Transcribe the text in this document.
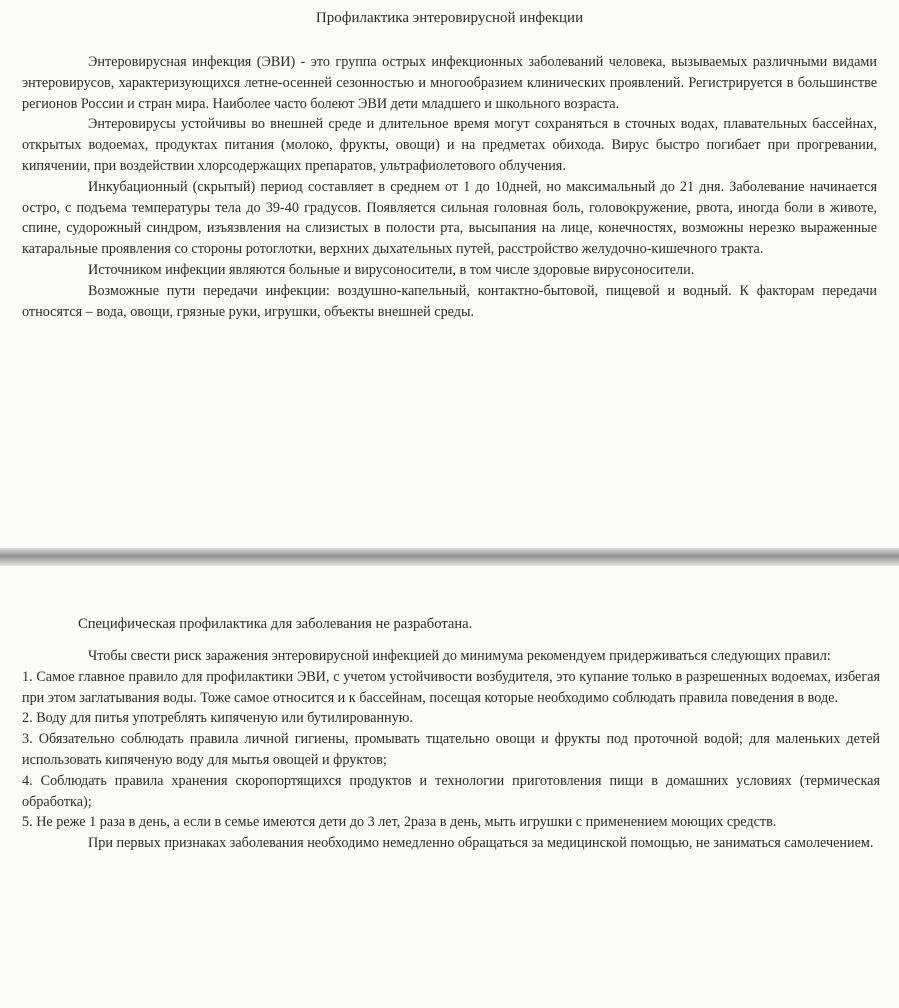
Профилактика энтеровирусной инфекции

Энтеровирусная инфекция (ЭВИ) - это группа острых инфекционных заболеваний человека, вызываемых различными видами энтеровирусов, характеризующихся летне-осенней сезонностью и многообразием клинических проявлений. Регистрируется в большинстве регионов России и стран мира. Наиболее часто болеют ЭВИ дети младшего и школьного возраста.

Энтеровирусы устойчивы во внешней среде и длительное время могут сохраняться в сточных водах, плавательных бассейнах, открытых водоемах, продуктах питания (молоко, фрукты, овощи) и на предметах обихода. Вирус быстро погибает при прогревании, кипячении, при воздействии хлорсодержащих препаратов, ультрафиолетового облучения.

Инкубационный (скрытый) период составляет в среднем от 1 до 10дней, но максимальный до 21 дня. Заболевание начинается остро, с подъема температуры тела до 39-40 градусов. Появляется сильная головная боль, головокружение, рвота, иногда боли в животе, спине, судорожный синдром, изъязвления на слизистых в полости рта, высыпания на лице, конечностях, возможны нерезко выраженные катаральные проявления со стороны ротоглотки, верхних дыхательных путей, расстройство желудочно-кишечного тракта.

Источником инфекции являются больные и вирусоносители, в том числе здоровые вирусоносители.

Возможные пути передачи инфекции: воздушно-капельный, контактно-бытовой, пищевой и водный. К факторам передачи относятся – вода, овощи, грязные руки, игрушки, объекты внешней среды.

Специфическая профилактика для заболевания не разработана.

Чтобы свести риск заражения энтеровирусной инфекцией до минимума рекомендуем придерживаться следующих правил:

1. Самое главное правило для профилактики ЭВИ, с учетом устойчивости возбудителя, это купание только в разрешенных водоемах, избегая при этом заглатывания воды. Тоже самое относится и к бассейнам, посещая которые необходимо соблюдать правила поведения в воде.

2. Воду для питья употреблять кипяченую или бутилированную.

3. Обязательно соблюдать правила личной гигиены, промывать тщательно овощи и фрукты под проточной водой; для маленьких детей использовать кипяченую воду для мытья овощей и фруктов;

4. Соблюдать правила хранения скоропортящихся продуктов и технологии приготовления пищи в домашних условиях (термическая обработка);

5. Не реже 1 раза в день, а если в семье имеются дети до 3 лет, 2раза в день, мыть игрушки с применением моющих средств.

При первых признаках заболевания необходимо немедленно обращаться за медицинской помощью, не заниматься самолечением.
